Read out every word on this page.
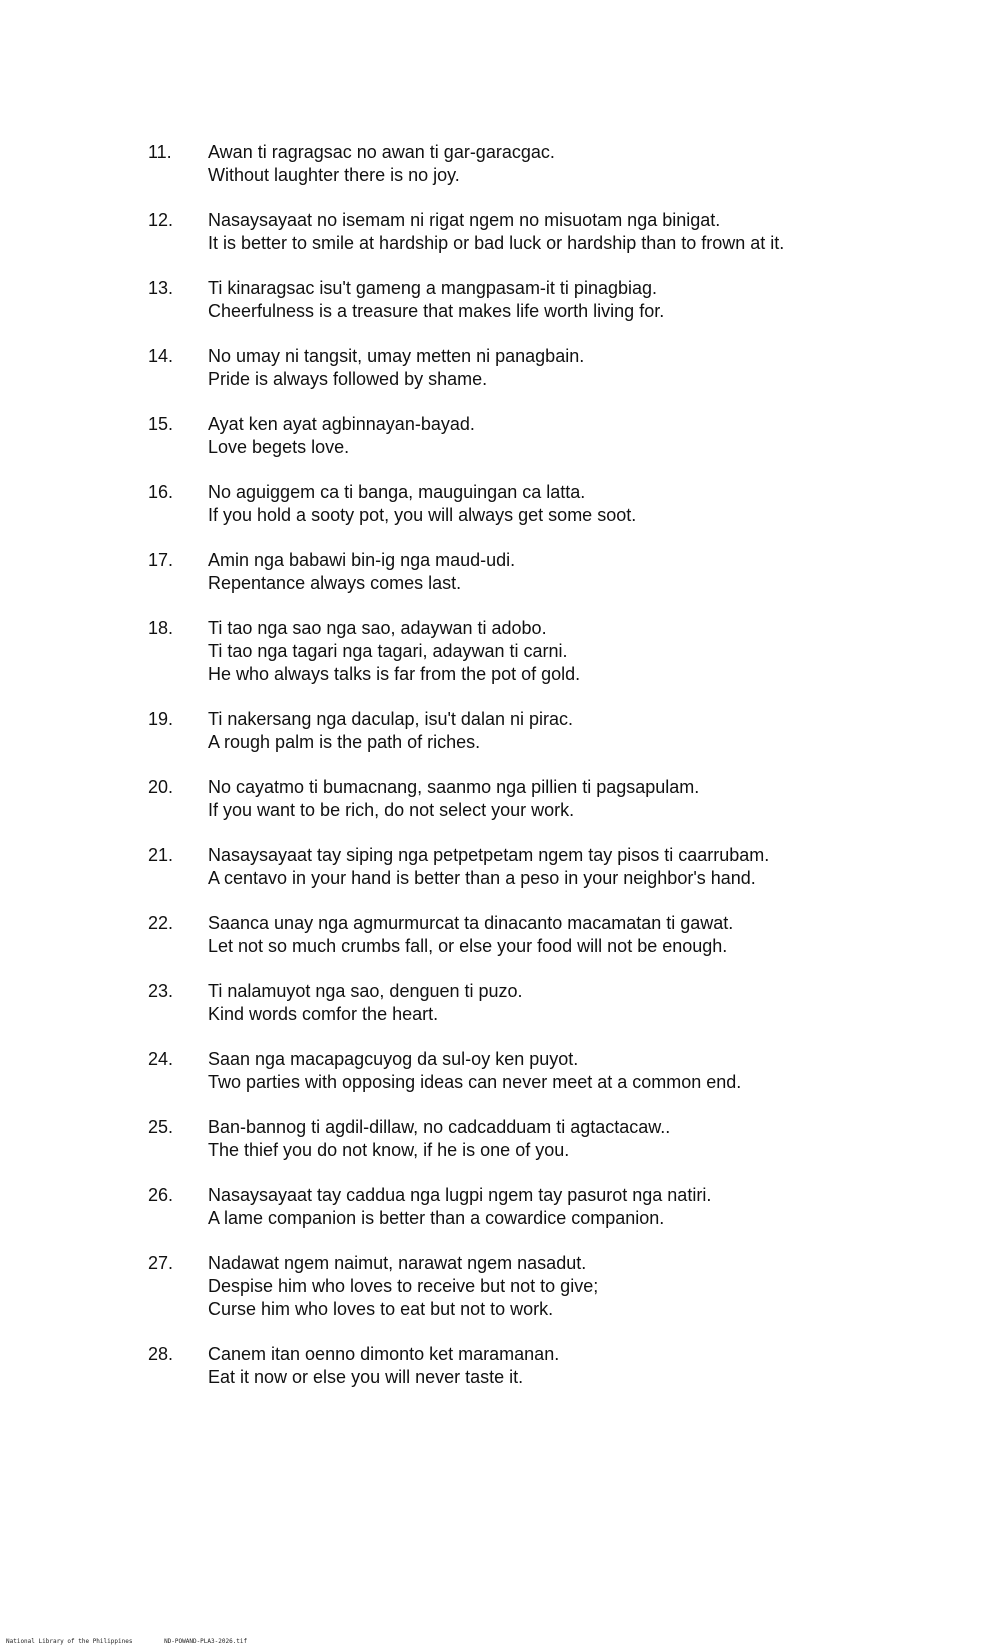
11.	Awan ti ragragsac no awan ti gar-garacgac.
Without laughter there is no joy.
12.	Nasaysayaat no isemam ni rigat ngem no misuotam nga binigat.
It is better to smile at hardship or bad luck or hardship than to frown at it.
13.	Ti kinaragsac isu't gameng a mangpasam-it ti pinagbiag.
Cheerfulness is a treasure that makes life worth living for.
14.	No umay ni tangsit, umay metten ni panagbain.
Pride is always followed by shame.
15.	Ayat ken ayat agbinnayan-bayad.
Love begets love.
16.	No aguiggem ca ti banga, mauguingan ca latta.
If you hold a sooty pot, you will always get some soot.
17.	Amin nga babawi bin-ig nga maud-udi.
Repentance always comes last.
18.	Ti tao nga sao nga sao, adaywan ti adobo.
Ti tao nga tagari nga tagari, adaywan ti carni.
He who always talks is far from the pot of gold.
19.	Ti nakersang nga daculap, isu't dalan ni pirac.
A rough palm is the path of riches.
20.	No cayatmo ti bumacnang, saanmo nga pillien ti pagsapulam.
If you want to be rich, do not select your work.
21.	Nasaysayaat tay siping nga petpetpetam ngem tay pisos ti caarrubam.
A centavo in your hand is better than a peso in your neighbor's hand.
22.	Saanca unay nga agmurmurcat ta dinacanto macamatan ti gawat.
Let not so much crumbs fall, or else your food will not be enough.
23.	Ti nalamuyot nga sao, denguen ti puzo.
Kind words comfor the heart.
24.	Saan nga macapagcuyog da sul-oy ken puyot.
Two parties with opposing ideas can never meet at a common end.
25.	Ban-bannog ti agdil-dillaw, no cadcadduam ti agtactacaw..
The thief you do not know, if he is one of you.
26.	Nasaysayaat tay caddua nga lugpi ngem tay pasurot nga natiri.
A lame companion is better than a cowardice companion.
27.	Nadawat ngem naimut, narawat ngem nasadut.
Despise him who loves to receive but not to give;
Curse him who loves to eat but not to work.
28.	Canem itan oenno dimonto ket maramanan.
Eat it now or else you will never taste it.
National Library of the Philippines	ND-POWAND-PLA3-2026.tif
